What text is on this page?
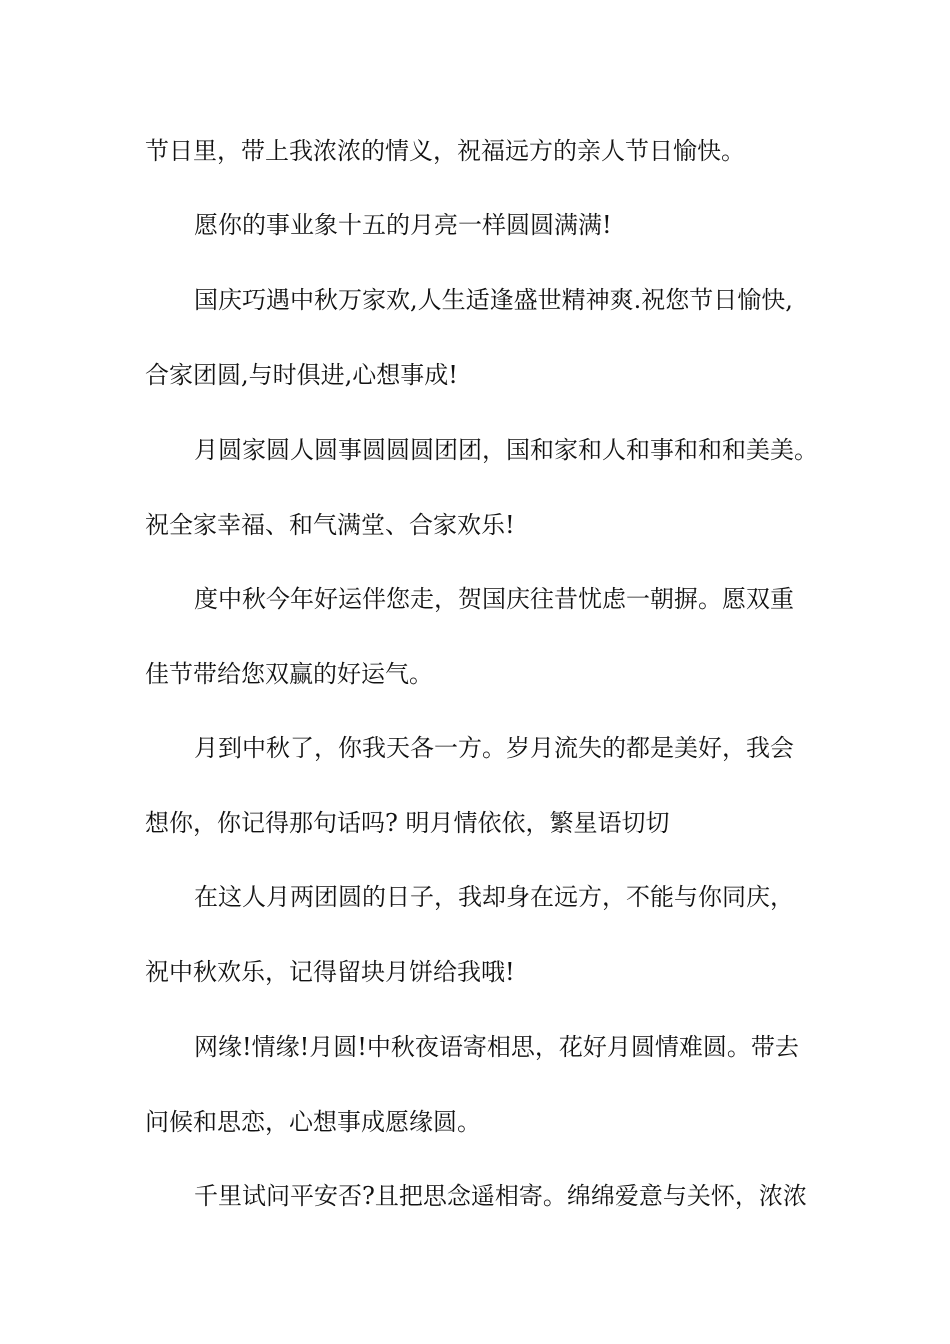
节日里，带上我浓浓的情义，祝福远方的亲人节日愉快。
愿你的事业象十五的月亮一样圆圆满满!
国庆巧遇中秋万家欢,人生适逢盛世精神爽.祝您节日愉快,
合家团圆,与时俱进,心想事成!
月圆家圆人圆事圆圆圆团团，国和家和人和事和和和美美。
祝全家幸福、和气满堂、合家欢乐!
度中秋今年好运伴您走，贺国庆往昔忧虑一朝摒。愿双重
佳节带给您双赢的好运气。
月到中秋了，你我天各一方。岁月流失的都是美好，我会
想你，你记得那句话吗? 明月情依依，繁星语切切
在这人月两团圆的日子，我却身在远方，不能与你同庆，
祝中秋欢乐，记得留块月饼给我哦!
网缘!情缘!月圆!中秋夜语寄相思，花好月圆情难圆。带去
问候和思恋，心想事成愿缘圆。
千里试问平安否?且把思念遥相寄。绵绵爱意与关怀，浓浓
